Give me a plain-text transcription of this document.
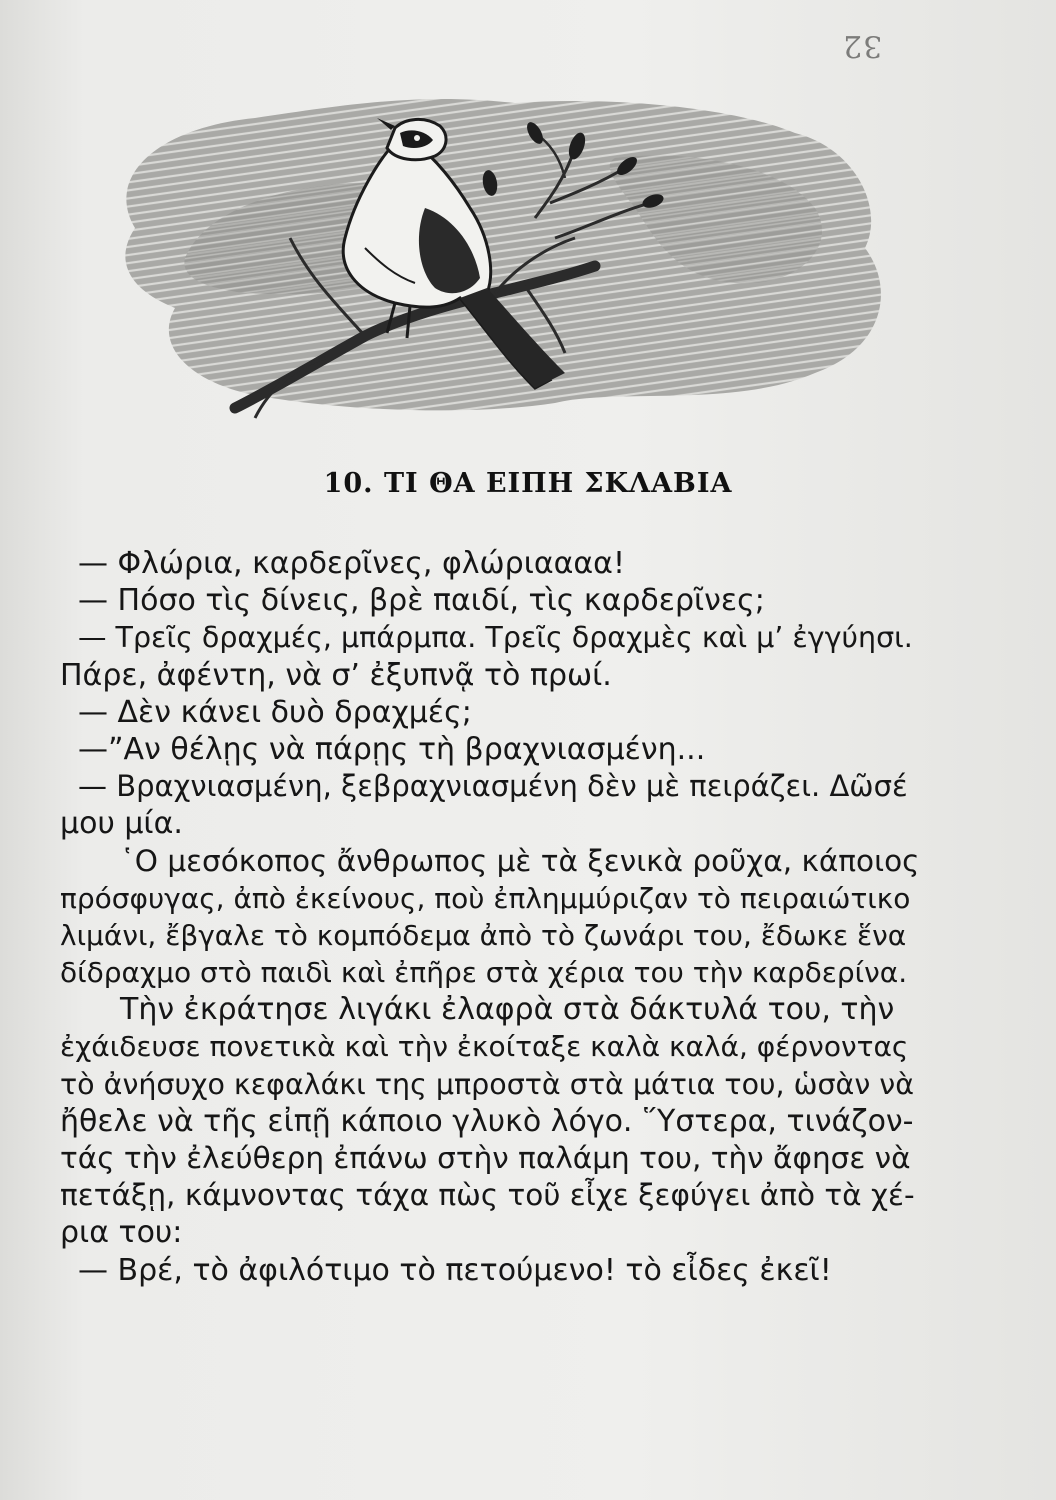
32
10. ΤΙ ΘΑ ΕΙΠΗ ΣΚΛΑΒΙΑ
— Φλώρια, καρδερῖνες, φλώριαααα!
— Πόσο τὶς δίνεις, βρὲ παιδί, τὶς καρδερῖνες;
— Τρεῖς δραχμές, μπάρμπα. Τρεῖς δραχμὲς καὶ μ’ ἐγγύησι.
Πάρε, ἀφέντη, νὰ σ’ ἐξυπνᾷ τὸ πρωί.
— Δὲν κάνει δυὸ δραχμές;
—”Αν θέλῃς νὰ πάρῃς τὴ βραχνιασμένη...
— Βραχνιασμένη, ξεβραχνιασμένη δὲν μὲ πειράζει. Δῶσέ
μου μία.
῾Ο μεσόκοπος ἄνθρωπος μὲ τὰ ξενικὰ ροῦχα, κάποιος
πρόσφυγας, ἀπὸ ἐκείνους, ποὺ ἐπλημμύριζαν τὸ πειραιώτικο
λιμάνι, ἔβγαλε τὸ κομπόδεμα ἀπὸ τὸ ζωνάρι του, ἔδωκε ἕνα
δίδραχμο στὸ παιδὶ καὶ ἐπῆρε στὰ χέρια του τὴν καρδερίνα.
Τὴν ἐκράτησε λιγάκι ἐλαφρὰ στὰ δάκτυλά του, τὴν
ἐχάιδευσε πονετικὰ καὶ τὴν ἐκοίταξε καλὰ καλά, φέρνοντας
τὸ ἀνήσυχο κεφαλάκι της μπροστὰ στὰ μάτια του, ὡσὰν νὰ
ἤθελε νὰ τῆς εἰπῇ κάποιο γλυκὸ λόγο. ῞Υστερα, τινάζον-
τάς τὴν ἐλεύθερη ἐπάνω στὴν παλάμη του, τὴν ἄφησε νὰ
πετάξῃ, κάμνοντας τάχα πὼς τοῦ εἶχε ξεφύγει ἀπὸ τὰ χέ-
ρια του:
— Βρέ, τὸ ἀφιλότιμο τὸ πετούμενο! τὸ εἶδες ἐκεῖ!
